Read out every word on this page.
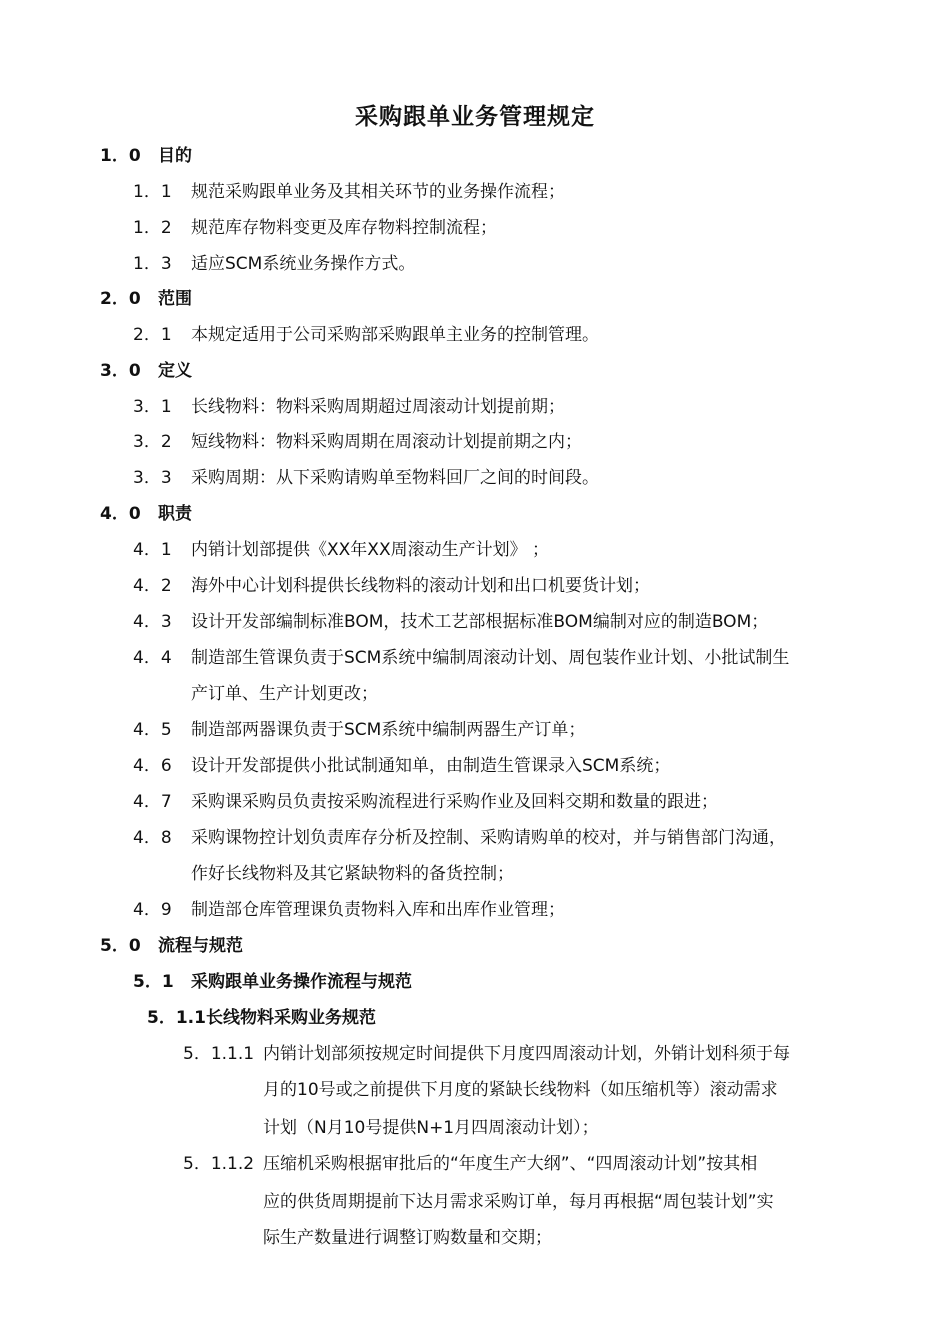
采购跟单业务管理规定
1．0 目的
1．1 规范采购跟单业务及其相关环节的业务操作流程；
1．2 规范库存物料变更及库存物料控制流程；
1．3 适应SCM系统业务操作方式。
2．0 范围
2．1 本规定适用于公司采购部采购跟单主业务的控制管理。
3．0 定义
3．1 长线物料：物料采购周期超过周滚动计划提前期；
3．2 短线物料：物料采购周期在周滚动计划提前期之内；
3．3 采购周期：从下采购请购单至物料回厂之间的时间段。
4．0 职责
4．1 内销计划部提供《XX年XX周滚动生产计划》 ；
4．2 海外中心计划科提供长线物料的滚动计划和出口机要货计划；
4．3 设计开发部编制标准BOM，技术工艺部根据标准BOM编制对应的制造BOM；
4．4 制造部生管课负责于SCM系统中编制周滚动计划、周包装作业计划、小批试制生
产订单、生产计划更改；
4．5 制造部两器课负责于SCM系统中编制两器生产订单；
4．6 设计开发部提供小批试制通知单，由制造生管课录入SCM系统；
4．7 采购课采购员负责按采购流程进行采购作业及回料交期和数量的跟进；
4．8 采购课物控计划负责库存分析及控制、采购请购单的校对，并与销售部门沟通，
作好长线物料及其它紧缺物料的备货控制；
4．9 制造部仓库管理课负责物料入库和出库作业管理；
5．0 流程与规范
5．1 采购跟单业务操作流程与规范
5．1.1长线物料采购业务规范
5．1.1.1 内销计划部须按规定时间提供下月度四周滚动计划，外销计划科须于每
月的10号或之前提供下月度的紧缺长线物料（如压缩机等）滚动需求
计划（N月10号提供N+1月四周滚动计划）；
5．1.1.2 压缩机采购根据审批后的“年度生产大纲”、“四周滚动计划”按其相
应的供货周期提前下达月需求采购订单，每月再根据“周包装计划”实
际生产数量进行调整订购数量和交期；
